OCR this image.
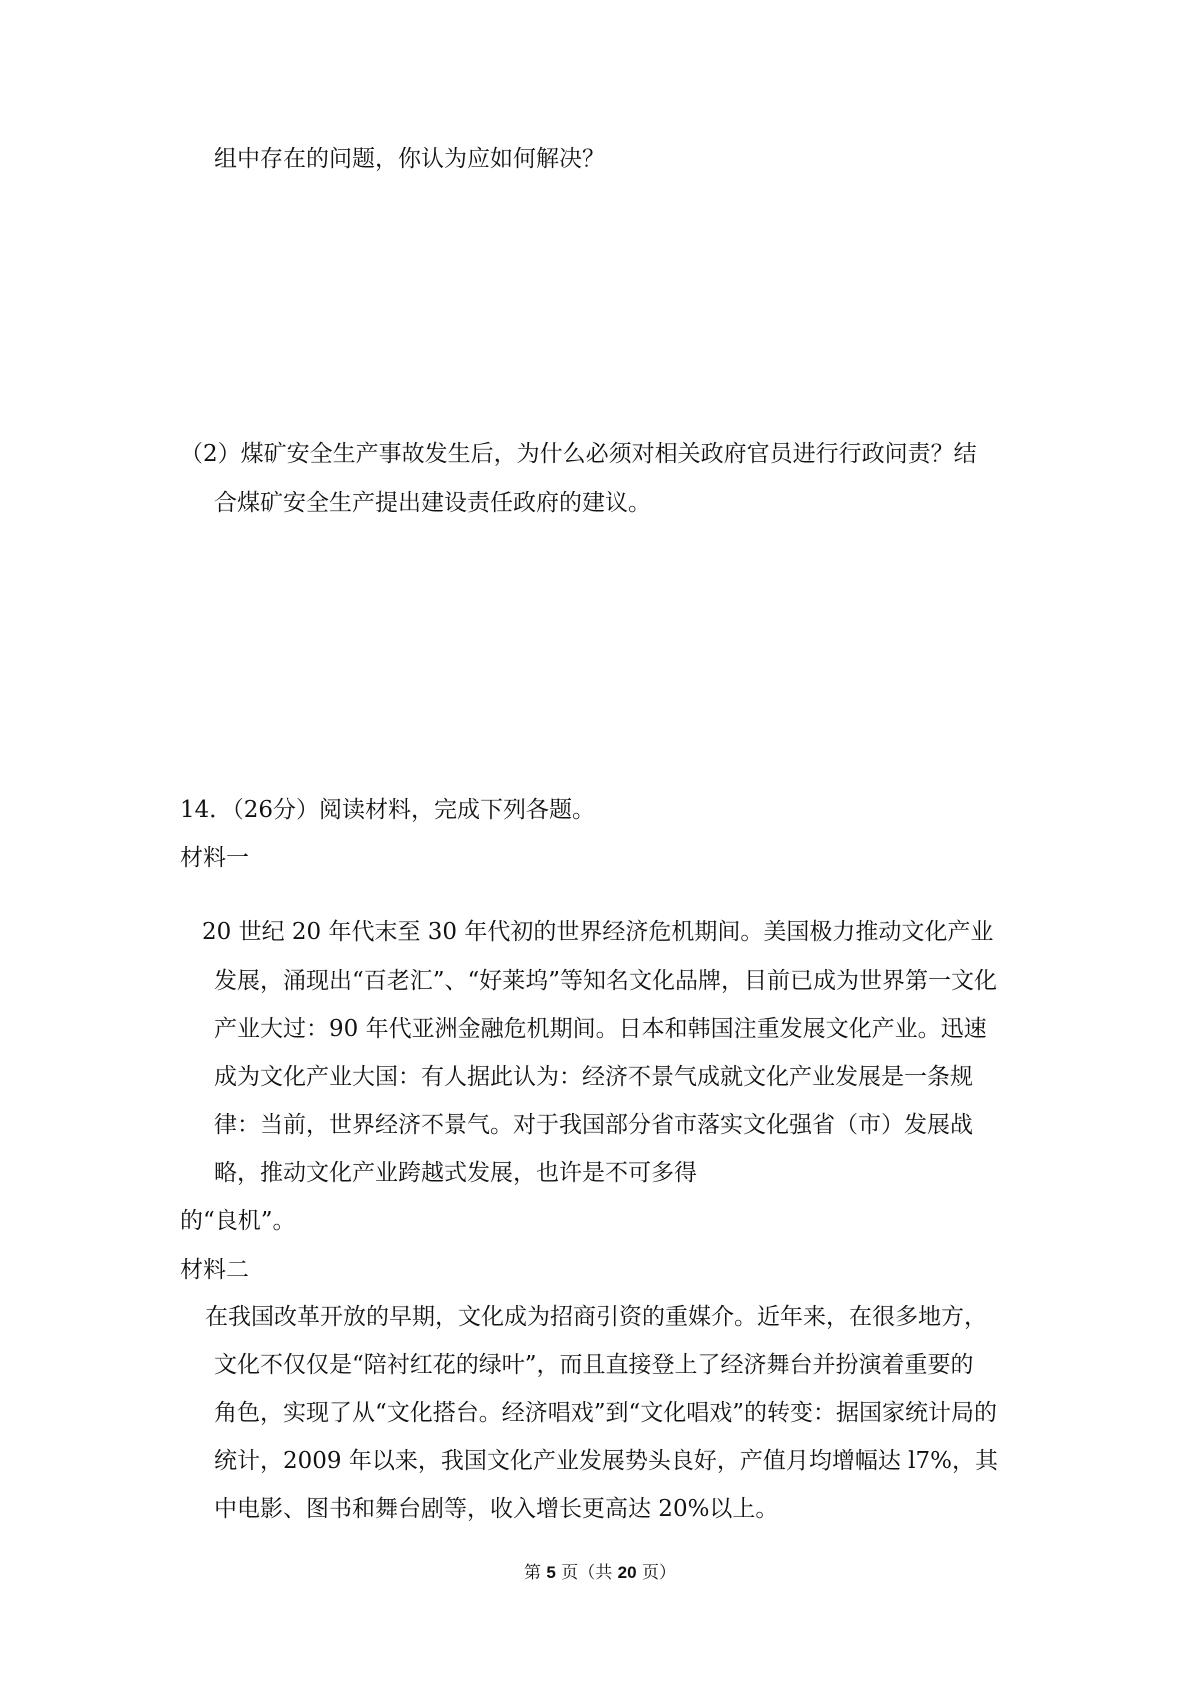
组中存在的问题，你认为应如何解决？
（2）煤矿安全生产事故发生后，为什么必须对相关政府官员进行行政问责？结
合煤矿安全生产提出建设责任政府的建议。
14．（26分）阅读材料，完成下列各题。
材料一
20 世纪 20 年代末至 30 年代初的世界经济危机期间。美国极力推动文化产业
发展，涌现出“百老汇”、“好莱坞”等知名文化品牌，目前已成为世界第一文化
产业大过：90 年代亚洲金融危机期间。日本和韩国注重发展文化产业。迅速
成为文化产业大国：有人据此认为：经济不景气成就文化产业发展是一条规
律：当前，世界经济不景气。对于我国部分省市落实文化强省（市）发展战
略，推动文化产业跨越式发展，也许是不可多得
的“良机”。
材料二
在我国改革开放的早期，文化成为招商引资的重媒介。近年来，在很多地方，
文化不仅仅是“陪衬红花的绿叶”，而且直接登上了经济舞台并扮演着重要的
角色，实现了从“文化搭台。经济唱戏”到“文化唱戏”的转变：据国家统计局的
统计，2009 年以来，我国文化产业发展势头良好，产值月均增幅达 l7%，其
中电影、图书和舞台剧等，收入增长更高达 20%以上。
第 5 页（共 20 页）
